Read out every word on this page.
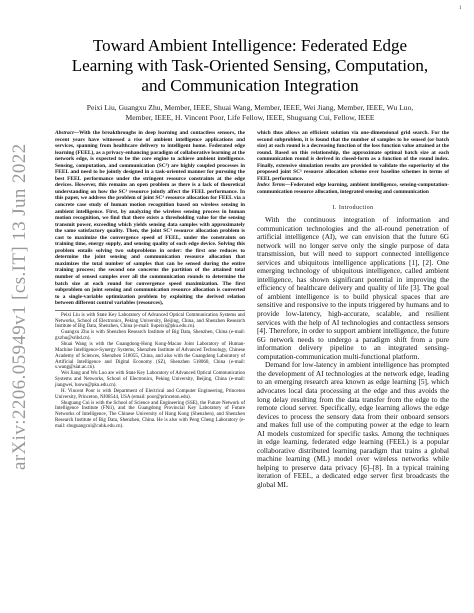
1
arXiv:2206.05949v1 [cs.IT] 13 Jun 2022
Toward Ambient Intelligence: Federated Edge
Learning with Task-Oriented Sensing, Computation,
and Communication Integration
Peixi Liu, Guangxu Zhu, Member, IEEE, Shuai Wang, Member, IEEE, Wei Jiang, Member, IEEE, Wu Luo,
Member, IEEE, H. Vincent Poor, Life Fellow, IEEE, Shuguang Cui, Fellow, IEEE

Abstract—With the breakthroughs in deep learning and contactless sensors, the recent years have witnessed a rise of ambient intelligence applications and services, spanning from healthcare delivery to intelligent home. Federated edge learning (FEEL), as a privacy-enhancing paradigm of collaborative learning at the network edge, is expected to be the core engine to achieve ambient intelligence. Sensing, computation, and communication (SC³) are highly coupled processes in FEEL and need to be jointly designed in a task-oriented manner for pursuing the best FEEL performance under the stringent resource constraints at the edge devices. However, this remains an open problem as there is a lack of theoretical understanding on how the SC³ resource jointly affect the FEEL performance. In this paper, we address the problem of joint SC³ resource allocation for FEEL via a concrete case study of human motion recognition based on wireless sensing in ambient intelligence. First, by analyzing the wireless sensing process in human motion recognition, we find that there exists a thresholding value for the sensing transmit power, exceeding which yields sensing data samples with approximately the same satisfactory quality. Then, the joint SC³ resource allocation problem is cast to maximize the convergence speed of FEEL, under the constraints on training time, energy supply, and sensing quality of each edge device. Solving this problem entails solving two subproblems in order: the first one reduces to determine the joint sensing and communication resource allocation that maximizes the total number of samples that can be sensed during the entire training process; the second one concerns the partition of the attained total number of sensed samples over all the communication rounds to determine the batch size at each round for convergence speed maximization. The first subproblem on joint sensing and communication resource allocation is converted to a single-variable optimization problem by exploiting the derived relation between different control variables (resources),

Peixi Liu is with State Key Laboratory of Advanced Optical Communication Systems and Networks, School of Electronics, Peking University, Beijing, China, and Shenzhen Research Institute of Big Data, Shenzhen, China (e-mail: liupeixi@pku.edu.cn).

Guangxu Zhu is with Shenzhen Research Institute of Big Data, Shenzhen, China (e-mail: gxzhu@sribd.cn).

Shuai Wang is with the Guangdong-Hong Kong-Macao Joint Laboratory of Human-Machine Intelligence-Synergy Systems, Shenzhen Institute of Advanced Technology, Chinese Academy of Sciences, Shenzhen 518055, China, and also with the Guangdong Laboratory of Artificial Intelligence and Digital Economy (SZ), Shenzhen 518060, China (e-mail: s.wang@siat.ac.cn).

Wei Jiang and Wu Luo are with State Key Laboratory of Advanced Optical Communication Systems and Networks, School of Electronics, Peking University, Beijing, China (e-mail: jiangwei, luowu@pku.edu.cn).

H. Vincent Poor is with Department of Electrical and Computer Engineering, Princeton University, Princeton, NJ08544, USA (email: poor@princeton.edu).

Shuguang Cui is with the School of Science and Engineering (SSE), the Future Network of Intelligence Institute (FNii), and the Guangdong Provincial Key Laboratory of Future Networks of Intelligence, The Chinese University of Hong Kong (Shenzhen), and Shenzhen Research Institute of Big Data, Shenzhen, China. He is also with Peng Cheng Laboratory (e-mail: shuguangcui@cuhk.edu.cn).

which thus allows an efficient solution via one-dimensional grid search. For the second subproblem, it is found that the number of samples to be sensed (or batch size) at each round is a decreasing function of the loss function value attained at the round. Based on this relationship, the approximate optimal batch size at each communication round is derived in closed-form as a function of the round index. Finally, extensive simulation results are provided to validate the superiority of the proposed joint SC³ resource allocation scheme over baseline schemes in terms of FEEL performance.

Index Terms—Federated edge learning, ambient intelligence, sensing-computation-communication resource allocation, integrated sensing and communication

I. Introduction

With the continuous integration of information and communication technologies and the all-round penetration of artificial intelligence (AI), we can envision that the future 6G network will no longer serve only the single purpose of data transmission, but will need to support connected intelligence services and ubiquitous intelligence applications [1], [2]. One emerging technology of ubiquitous intelligence, called ambient intelligence, has shown significant potential in improving the efficiency of healthcare delivery and quality of life [3]. The goal of ambient intelligence is to build physical spaces that are sensitive and responsive to the inputs triggered by humans and to provide low-latency, high-accurate, scalable, and resilient services with the help of AI technologies and contactless sensors [4]. Therefore, in order to support ambient intelligence, the future 6G network needs to undergo a paradigm shift from a pure information delivery pipeline to an integrated sensing-computation-communication multi-functional platform.

Demand for low-latency in ambient intelligence has prompted the development of AI technologies at the network edge, leading to an emerging research area known as edge learning [5], which advocates local data processing at the edge and thus avoids the long delay resulting from the data transfer from the edge to the remote cloud server. Specifically, edge learning allows the edge devices to process the sensory data from their onboard sensors and makes full use of the computing power at the edge to learn AI models customized for specific tasks. Among the techniques in edge learning, federated edge learning (FEEL) is a popular collaborative distributed learning paradigm that trains a global machine learning (ML) model over wireless networks while helping to preserve data privacy [6]–[8]. In a typical training iteration of FEEL, a dedicated edge server first broadcasts the global ML
